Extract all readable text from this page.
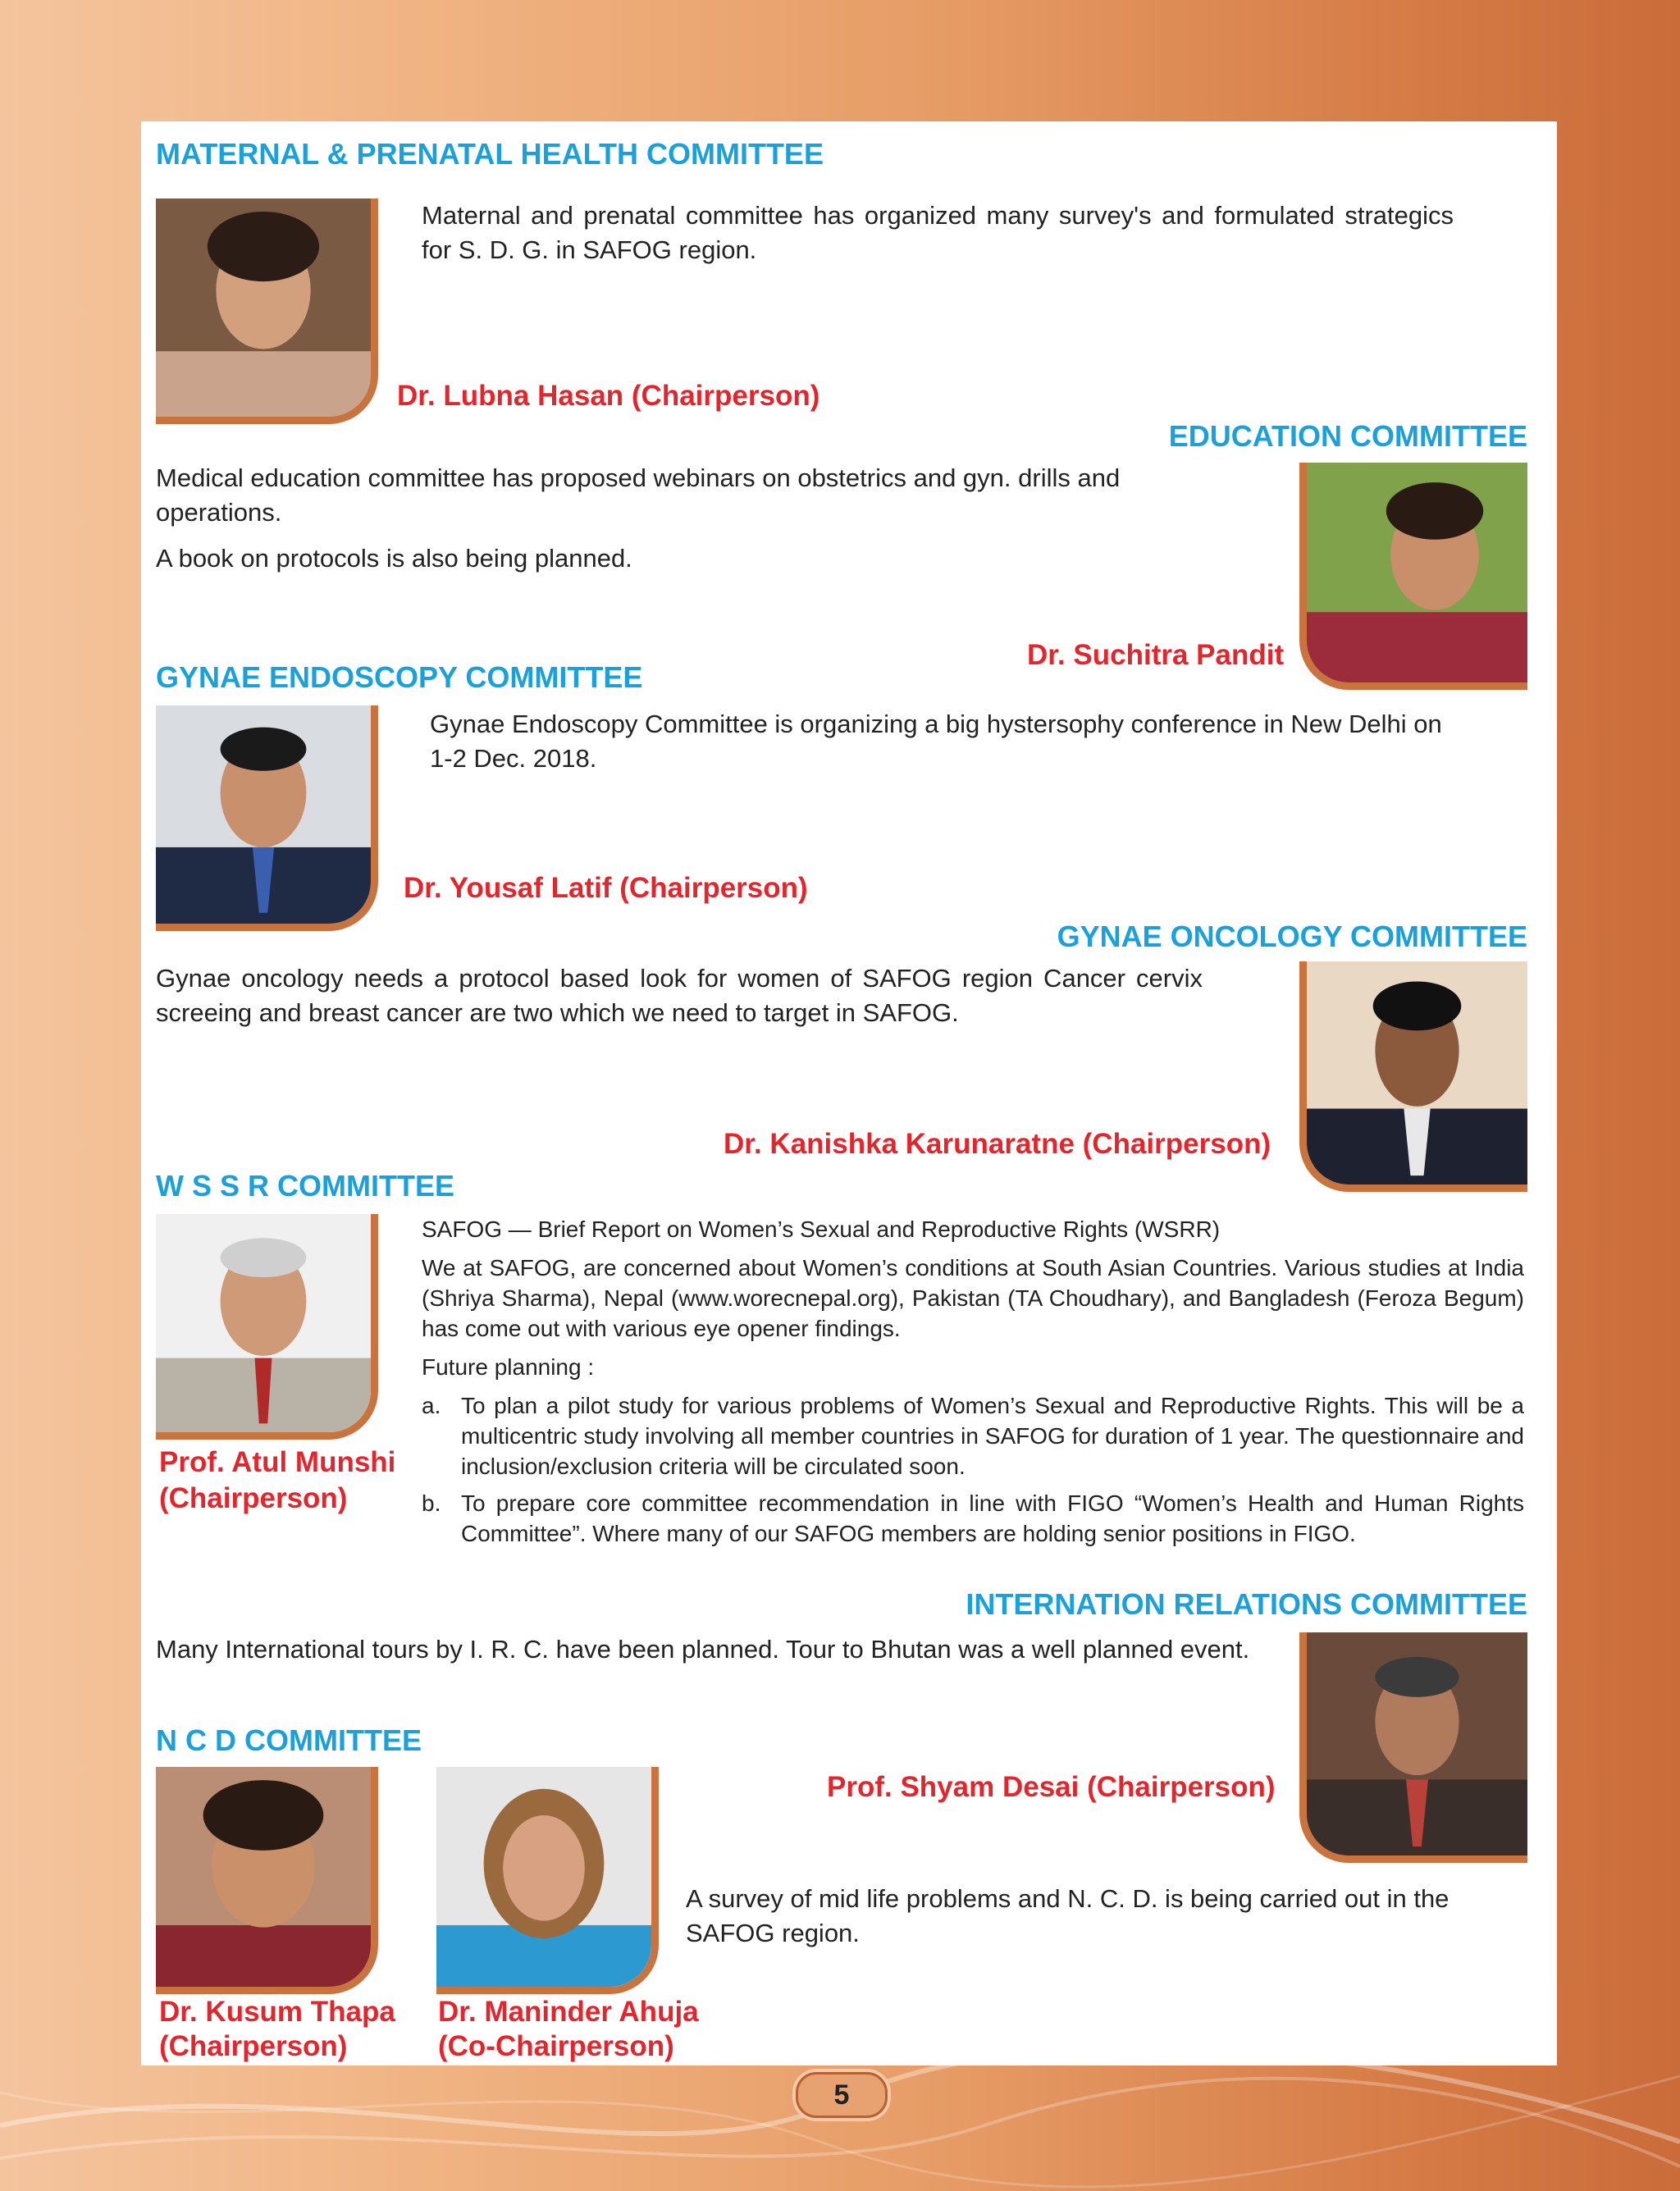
MATERNAL & PRENATAL HEALTH COMMITTEE
Maternal and prenatal committee has organized many survey's and formulated strategics for S. D. G. in SAFOG region.
Dr. Lubna Hasan (Chairperson)
EDUCATION COMMITTEE

Medical education committee has proposed webinars on obstetrics and gyn. drills and operations.

A book on protocols is also being planned.

Dr. Suchitra Pandit
GYNAE ENDOSCOPY COMMITTEE
Gynae Endoscopy Committee is organizing a big hystersophy conference in New Delhi on 1-2 Dec. 2018.
Dr. Yousaf Latif (Chairperson)
GYNAE ONCOLOGY COMMITTEE
Gynae oncology needs a protocol based look for women of SAFOG region Cancer cervix screeing and breast cancer are two which we need to target in SAFOG.
Dr. Kanishka Karunaratne (Chairperson)
W S S R COMMITTEE
Prof. Atul Munshi
(Chairperson)

SAFOG — Brief Report on Women’s Sexual and Reproductive Rights (WSRR)

We at SAFOG, are concerned about Women’s conditions at South Asian Countries. Various studies at India (Shriya Sharma), Nepal (www.worecnepal.org), Pakistan (TA Choudhary), and Bangladesh (Feroza Begum) has come out with various eye opener findings.

Future planning :

a. To plan a pilot study for various problems of Women’s Sexual and Reproductive Rights. This will be a multicentric study involving all member countries in SAFOG for duration of 1 year. The questionnaire and inclusion/exclusion criteria will be circulated soon.
b. To prepare core committee recommendation in line with FIGO “Women’s Health and Human Rights Committee”. Where many of our SAFOG members are holding senior positions in FIGO.
INTERNATION RELATIONS COMMITTEE
Many International tours by I. R. C. have been planned. Tour to Bhutan was a well planned event.
Prof. Shyam Desai (Chairperson)
N C D COMMITTEE
A survey of mid life problems and N. C. D. is being carried out in the SAFOG region.
Dr. Kusum Thapa
(Chairperson)
Dr. Maninder Ahuja
(Co-Chairperson)
5
